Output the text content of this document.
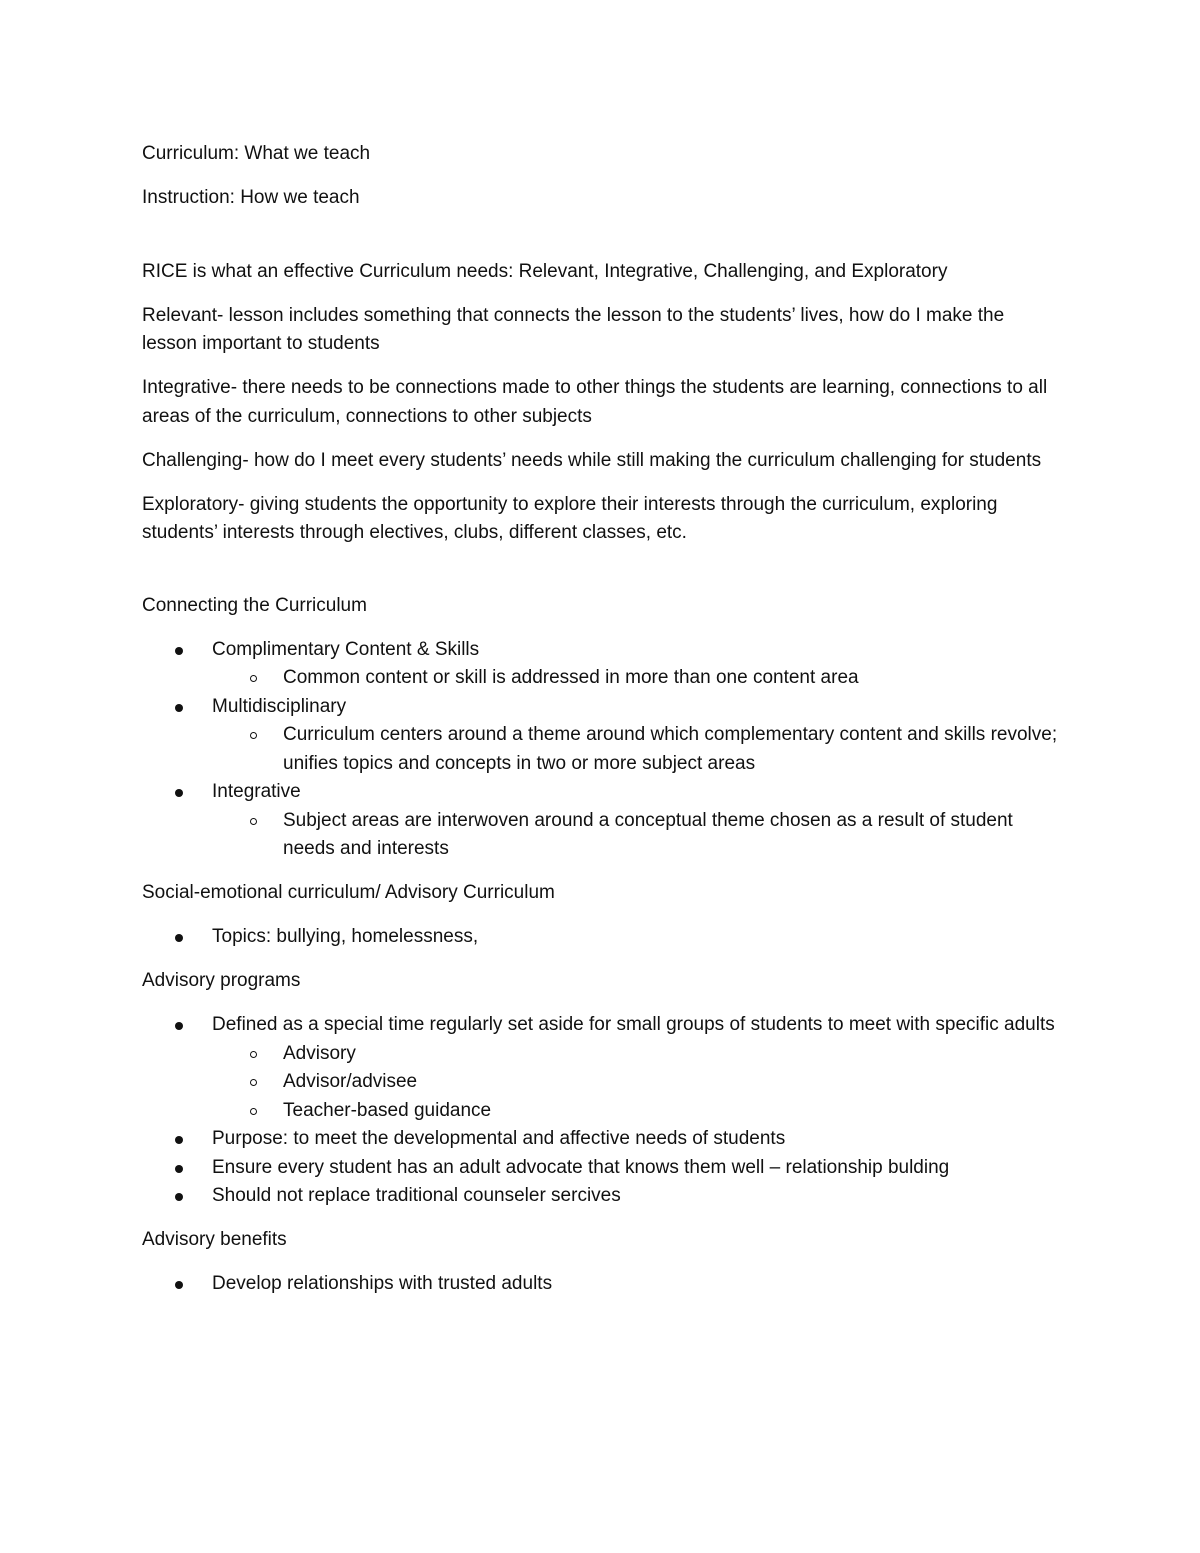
Curriculum: What we teach

Instruction: How we teach

RICE is what an effective Curriculum needs: Relevant, Integrative, Challenging, and Exploratory

Relevant- lesson includes something that connects the lesson to the students’ lives, how do I make the lesson important to students

Integrative- there needs to be connections made to other things the students are learning, connections to all areas of the curriculum, connections to other subjects

Challenging- how do I meet every students’ needs while still making the curriculum challenging for students

Exploratory- giving students the opportunity to explore their interests through the curriculum, exploring students’ interests through electives, clubs, different classes, etc.

Connecting the Curriculum

Complimentary Content & Skills
Common content or skill is addressed in more than one content area
Multidisciplinary
Curriculum centers around a theme around which complementary content and skills revolve; unifies topics and concepts in two or more subject areas
Integrative
Subject areas are interwoven around a conceptual theme chosen as a result of student needs and interests

Social-emotional curriculum/ Advisory Curriculum

Topics: bullying, homelessness,

Advisory programs

Defined as a special time regularly set aside for small groups of students to meet with specific adults
Advisory
Advisor/advisee
Teacher-based guidance
Purpose: to meet the developmental and affective needs of students
Ensure every student has an adult advocate that knows them well – relationship bulding
Should not replace traditional counseler sercives

Advisory benefits

Develop relationships with trusted adults
